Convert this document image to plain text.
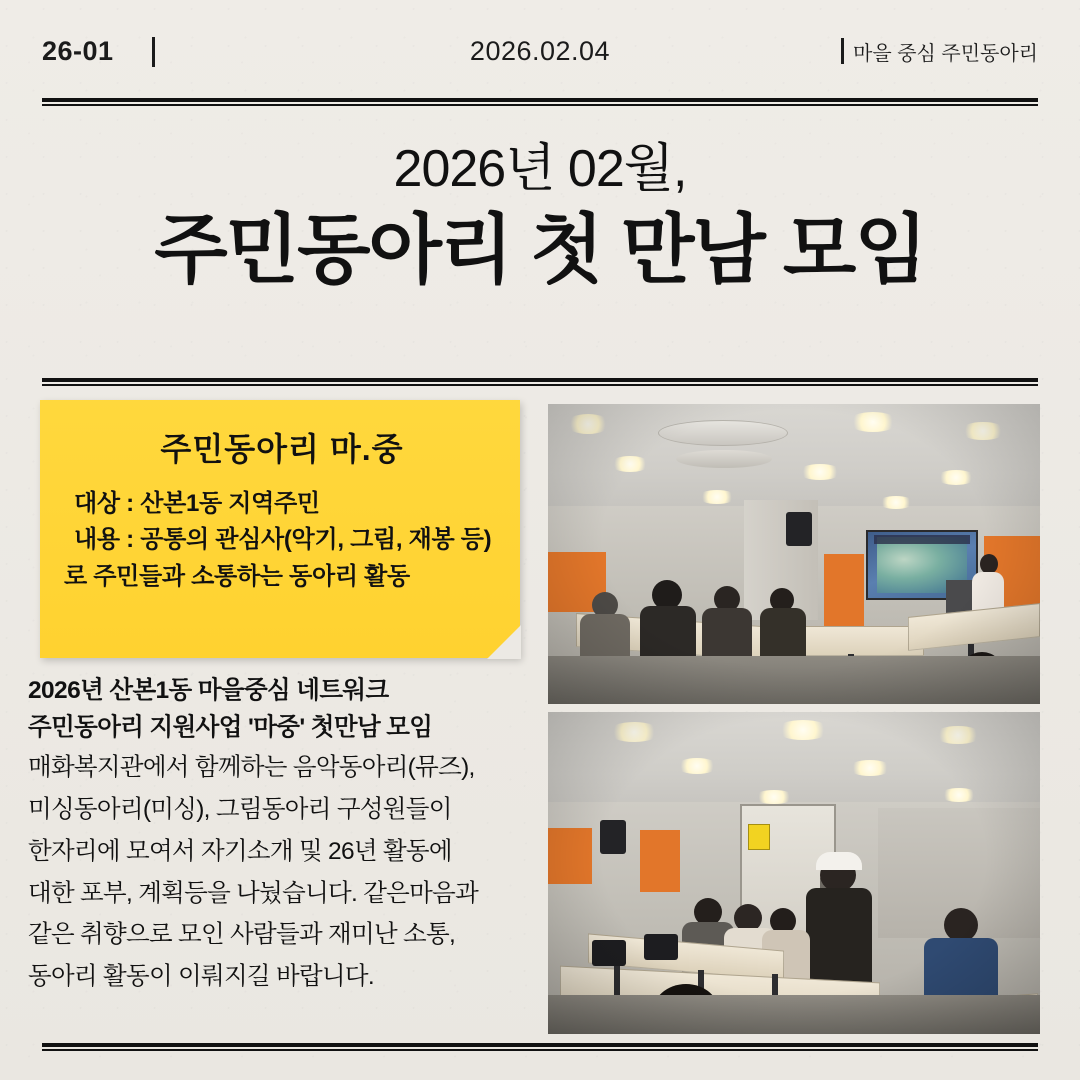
26-01	2026.02.04	마을 중심 주민동아리
2026년 02월,
주민동아리 첫 만남 모임
주민동아리 마.중
대상 : 산본1동 지역주민
내용 : 공통의 관심사(악기, 그림, 재봉 등)
로 주민들과 소통하는 동아리 활동
2026년 산본1동 마을중심 네트워크
주민동아리 지원사업 '마중' 첫만남 모임
매화복지관에서 함께하는 음악동아리(뮤즈),
미싱동아리(미싱), 그림동아리 구성원들이
한자리에 모여서 자기소개 및 26년 활동에
대한 포부, 계획등을 나눴습니다. 같은마음과
같은 취향으로 모인 사람들과 재미난 소통,
동아리 활동이 이뤄지길 바랍니다.
